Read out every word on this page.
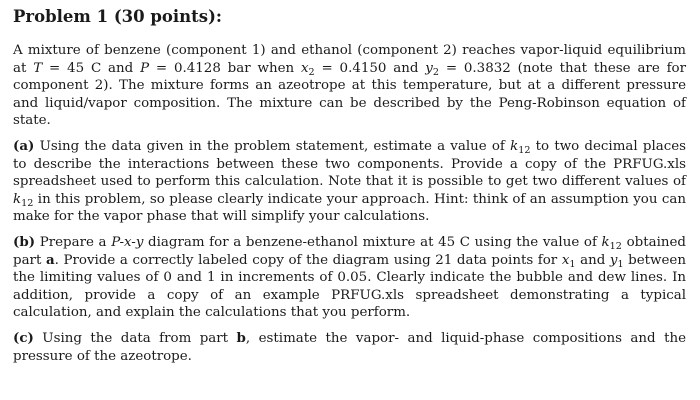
Problem 1 (30 points):

A mixture of benzene (component 1) and ethanol (component 2) reaches vapor-liquid equilibrium at T = 45 C and P = 0.4128 bar when $x_2 = 0.4150$ and $y_2 = 0.3832$ (note that these are for component 2). The mixture forms an azeotrope at this temperature, but at a different pressure and liquid/vapor composition. The mixture can be described by the Peng-Robinson equation of state.

(a) Using the data given in the problem statement, estimate a value of $k_{12}$ to two decimal places to describe the interactions between these two components. Provide a copy of the PRFUG.xls spreadsheet used to perform this calculation. Note that it is possible to get two different values of $k_{12}$ in this problem, so please clearly indicate your approach. Hint: think of an assumption you can make for the vapor phase that will simplify your calculations.

(b) Prepare a P-x-y diagram for a benzene-ethanol mixture at 45 C using the value of $k_{12}$ obtained part a. Provide a correctly labeled copy of the diagram using 21 data points for $x_1$ and $y_1$ between the limiting values of 0 and 1 in increments of 0.05. Clearly indicate the bubble and dew lines. In addition, provide a copy of an example PRFUG.xls spreadsheet demonstrating a typical calculation, and explain the calculations that you perform.

(c) Using the data from part b, estimate the vapor- and liquid-phase compositions and the pressure of the azeotrope.
